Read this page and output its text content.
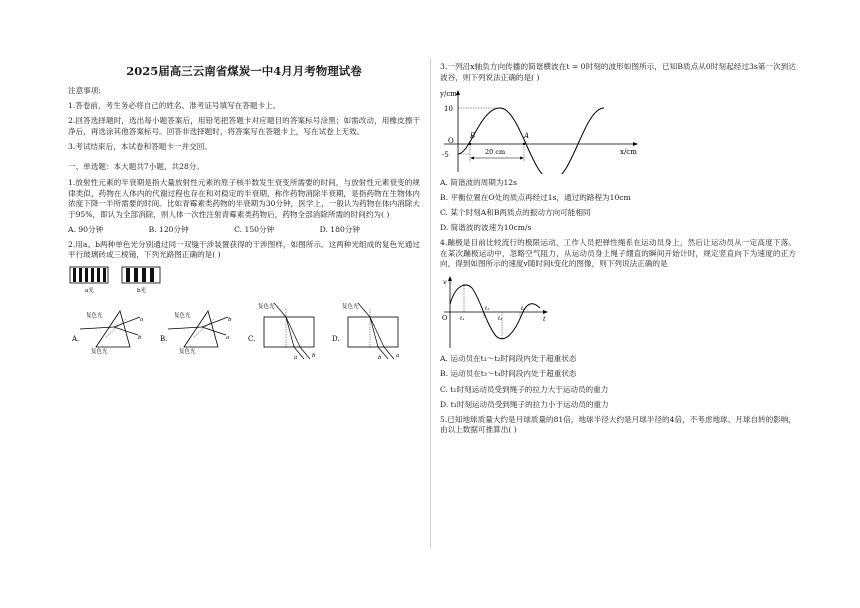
2025届高三云南省煤炭一中4月月考物理试卷
注意事项:
1.答卷前，考生务必将自己的姓名、准考证号填写在答题卡上。
2.回答选择题时，选出每小题答案后，用铅笔把答题卡对应题目的答案标号涂黑；如需改动，用橡皮擦干净后，再选涂其他答案标号。回答非选择题时，将答案写在答题卡上，写在试卷上无效。
3.考试结束后，本试卷和答题卡一并交回。
一、单选题：本大题共7小题，共28分。
1.放射性元素的半衰期是指大量放射性元素的原子核半数发生衰变所需要的时间，与放射性元素衰变的规律类似，药物在人体内的代谢过程也存在和对稳定的半衰期，称作药物消除半衰期，是指药物在生物体内浓度下降一半所需要的时间。比如青霉素类药物的半衰期为30分钟，医学上，一般认为药物在体内消除大于95%，即认为全部消除，则人体一次性注射青霉素类药物后，药物全部消除所需的时间约为( )
A. 90分钟	B. 120分钟	C. 150分钟	D. 180分钟
2.用a、b两种单色光分别通过同一双缝干涉装置获得的干涉图样，如图所示。这两种光组成的复色光通过平行玻璃砖或三棱镜，下列光路图正确的是( )
a光	b光
A.
复色光
复色光
a
b	B.
复色光
复色光
b
a	C.
复色光
a	b
D.
复色光
b	a
3.一列沿x轴负方向传播的简谐横波在t = 0时刻的波形如图所示，已知B质点从0时刻起经过3s第一次到达波谷，则下列说法正确的是( )
y/cm
x/cm
10
-5
O
B	A
20 cm
A. 简谐波的周期为12s
B. 平衡位置在O处的质点再经过1s，通过的路程为10cm
C. 某个时刻A和B两质点的振动方向可能相同
D. 简谐波的波速为10cm/s
4.蹦极是目前比较流行的极限运动，工作人员把弹性绳系在运动员身上，然后让运动员从一定高度下落。在某次蹦极运动中，忽略空气阻力，从运动员身上绳子绷直的瞬间开始计时，规定竖直向下为速度的正方向，得到如图所示的速度v随时间t变化的图像，则下列说法正确的是
v
t
O t₁
t₂
t₃
t₄
A. 运动员在t₁～t₂时间段内处于超重状态
B. 运动员在t₃～t₄时间段内处于超重状态
C. t₁时刻运动员受到绳子的拉力大于运动员的重力
D. t₁时刻运动员受到绳子的拉力小于运动员的重力
5.已知地球质量大约是月球质量的81倍，地球半径大约是月球半径的4倍，不考虑地球、月球自转的影响，由以上数据可推算出( )
